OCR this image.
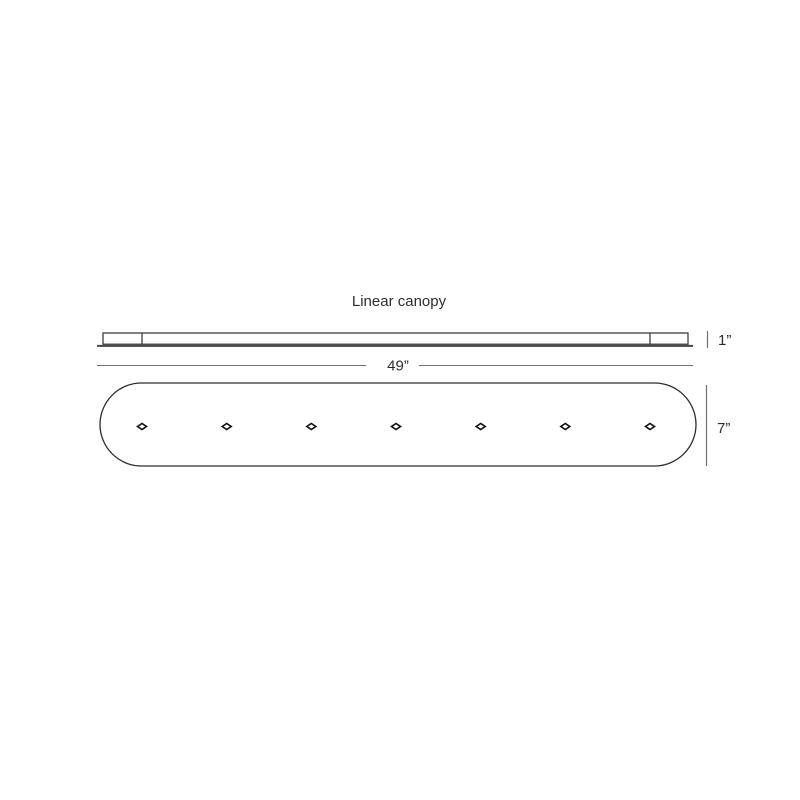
Linear canopy
1”
49”
7”
